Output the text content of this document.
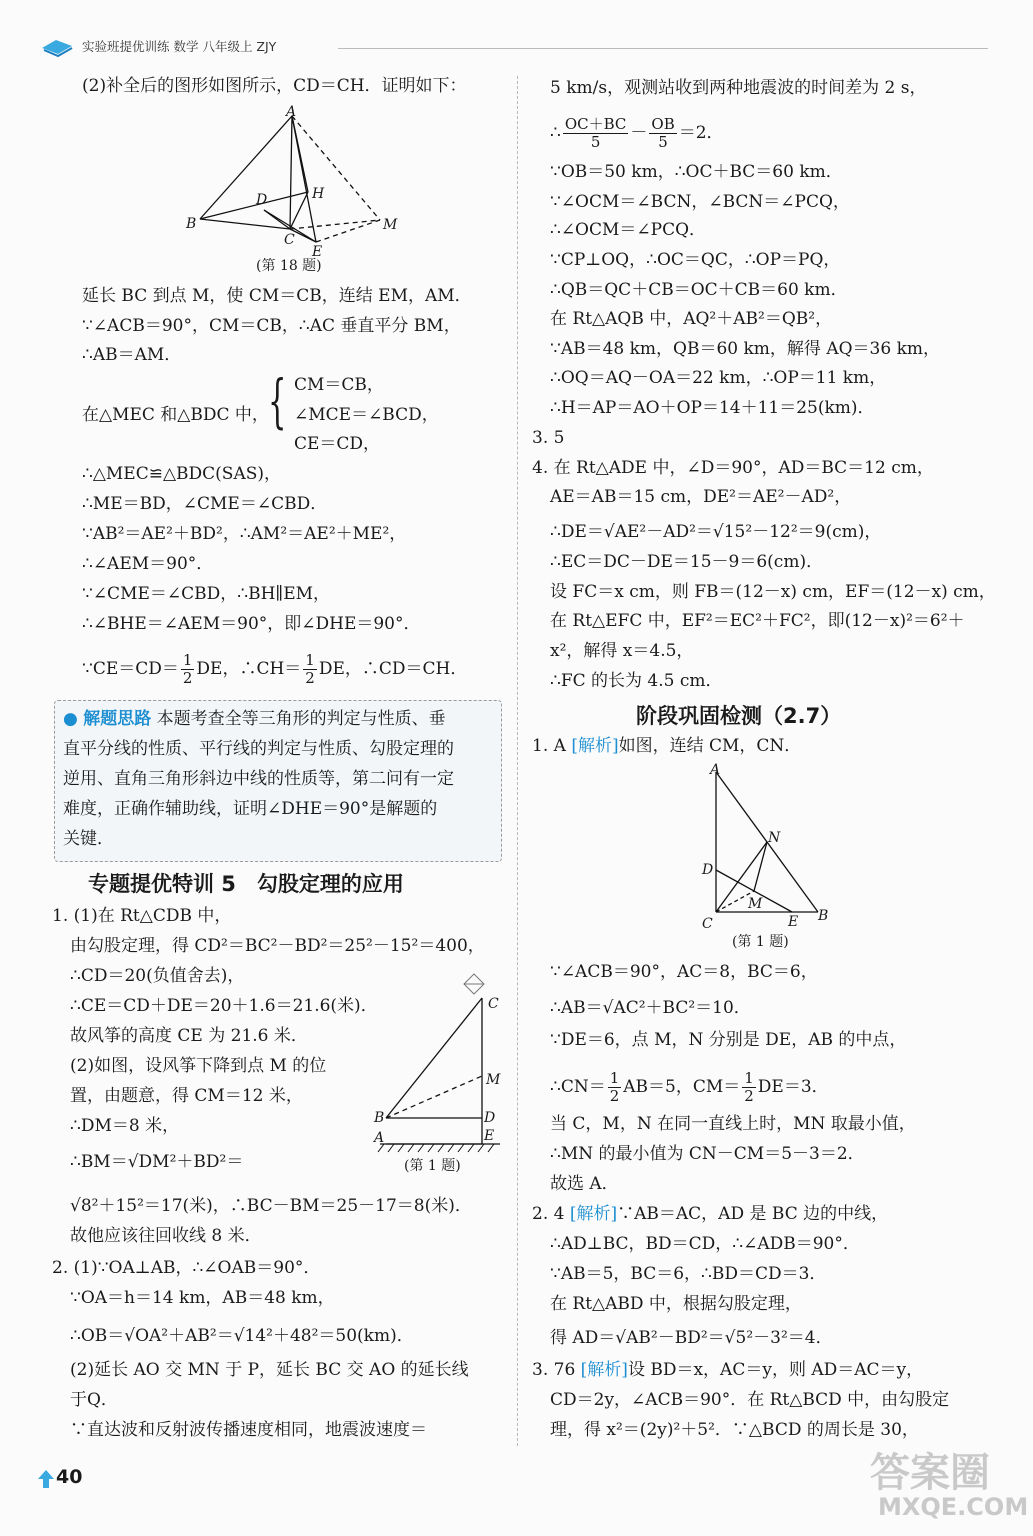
实验班提优训练 数学 八年级上 ZJY
(2)补全后的图形如图所示，CD＝CH．证明如下：
A
B
D	H
C
E
M
(第 18 题)
延长 BC 到点 M，使 CM＝CB，连结 EM，AM．
∵∠ACB＝90°，CM＝CB，∴AC 垂直平分 BM，
∴AB＝AM．
在△MEC 和△BDC 中， { CM＝CB，
∠MCE＝∠BCD，
CE＝CD，
∴△MEC≌△BDC(SAS)，
∴ME＝BD，∠CME＝∠CBD．
∵AB²＝AE²＋BD²，∴AM²＝AE²＋ME²，
∴∠AEM＝90°．
∵∠CME＝∠CBD，∴BH∥EM，
∴∠BHE＝∠AEM＝90°，即∠DHE＝90°．
∵CE＝CD＝ $\frac{1}{2}$ DE，∴CH＝ $\frac{1}{2}$ DE，∴CD＝CH．
● 解题思路 本题考查全等三角形的判定与性质、垂
直平分线的性质、平行线的判定与性质、勾股定理的
逆用、直角三角形斜边中线的性质等，第二问有一定
难度，正确作辅助线，证明∠DHE＝90°是解题的
关键．
专题提优特训 5　勾股定理的应用
1. (1)在 Rt△CDB 中，
由勾股定理，得 CD²＝BC²－BD²＝25²－15²＝400，
∴CD＝20(负值舍去)，
∴CE＝CD＋DE＝20＋1.6＝21.6(米)．
故风筝的高度 CE 为 21.6 米．
(2)如图，设风筝下降到点 M 的位
置，由题意，得 CM＝12 米，
∴DM＝8 米，
∴BM＝√DM²＋BD²＝
C
M
B	D
A	E
(第 1 题)
√8²＋15²＝17(米)，∴BC－BM＝25－17＝8(米)．
故他应该往回收线 8 米．
2. (1)∵OA⊥AB，∴∠OAB＝90°．
∵OA＝h＝14 km，AB＝48 km，
∴OB＝√OA²＋AB²＝√14²＋48²＝50(km)．
(2)延长 AO 交 MN 于 P，延长 BC 交 AO 的延长线
于Q．
∵直达波和反射波传播速度相同，地震波速度＝
5 km/s，观测站收到两种地震波的时间差为 2 s，
∴ $\frac{OC+BC}{5} - \frac{OB}{5} =2$．
∵OB＝50 km，∴OC＋BC＝60 km．
∵∠OCM＝∠BCN，∠BCN＝∠PCQ，
∴∠OCM＝∠PCQ．
∵CP⊥OQ，∴OC＝QC，∴OP＝PQ，
∴QB＝QC＋CB＝OC＋CB＝60 km．
在 Rt△AQB 中，AQ²＋AB²＝QB²，
∵AB＝48 km，QB＝60 km，解得 AQ＝36 km，
∴OQ＝AQ－OA＝22 km，∴OP＝11 km，
∴H＝AP＝AO＋OP＝14＋11＝25(km)．
3. 5
4. 在 Rt△ADE 中，∠D＝90°，AD＝BC＝12 cm，
AE＝AB＝15 cm，DE²＝AE²－AD²，
∴DE＝√AE²－AD²＝√15²－12²＝9(cm)，
∴EC＝DC－DE＝15－9＝6(cm)．
设 FC＝x cm，则 FB＝(12－x) cm，EF＝(12－x) cm，
在 Rt△EFC 中，EF²＝EC²＋FC²，即(12－x)²＝6²＋
x²，解得 x＝4.5，
∴FC 的长为 4.5 cm．
阶段巩固检测（2.7）
1. A [解析]如图，连结 CM，CN．
A
N
D
M
C	E B
(第 1 题)
∵∠ACB＝90°，AC＝8，BC＝6，
∴AB＝√AC²＋BC²＝10．
∵DE＝6，点 M，N 分别是 DE，AB 的中点，
∴CN＝ $\frac{1}{2} AB=5$，$CM= \frac{1}{2} DE=3$．
当 C，M，N 在同一直线上时，MN 取最小值，
∴MN 的最小值为 CN－CM＝5－3＝2．
故选 A．
2. 4 [解析]∵AB＝AC，AD 是 BC 边的中线，
∴AD⊥BC，BD＝CD，∴∠ADB＝90°．
∵AB＝5，BC＝6，∴BD＝CD＝3．
在 Rt△ABD 中，根据勾股定理，
得 AD＝√AB²－BD²＝√5²－3²＝4．
3. 76 [解析]设 BD＝x，AC＝y，则 AD＝AC＝y，
CD＝2y，∠ACB＝90°．在 Rt△BCD 中，由勾股定
理，得 x²＝(2y)²＋5²．∵△BCD 的周长是 30，
40	答案圈
MXQE.COM
